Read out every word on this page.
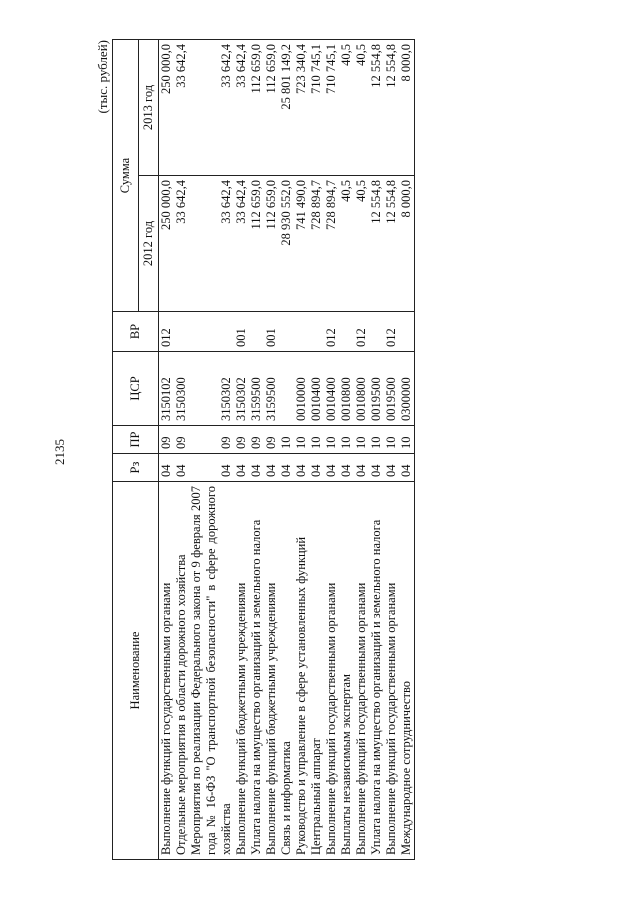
2135
(тыс. рублей)
Наименование	Рз	ПР	ЦСР	ВР	Сумма	
					2012 год	2013 год
Выполнение функций государственными органами	04	09	3150102	012	250 000,0	250 000,0
Отдельные мероприятия в области дорожного хозяйства	04	09	3150300		33 642,4	33 642,4
Мероприятия по реализации Федерального закона от 9 февраля 2007 года № 16-ФЗ "О транспортной безопасности" в сфере дорожного хозяйства	04	09	3150302		33 642,4	33 642,4
Выполнение функций бюджетными учреждениями	04	09	3150302	001	33 642,4	33 642,4
Уплата налога на имущество организаций и земельного налога	04	09	3159500		112 659,0	112 659,0
Выполнение функций бюджетными учреждениями	04	09	3159500	001	112 659,0	112 659,0
Связь и информатика	04	10			28 930 552,0	25 801 149,2
Руководство и управление в сфере установленных функций	04	10	0010000		741 490,0	723 340,4
Центральный аппарат	04	10	0010400		728 894,7	710 745,1
Выполнение функций государственными органами	04	10	0010400	012	728 894,7	710 745,1
Выплаты независимым экспертам	04	10	0010800		40,5	40,5
Выполнение функций государственными органами	04	10	0010800	012	40,5	40,5
Уплата налога на имущество организаций и земельного налога	04	10	0019500		12 554,8	12 554,8
Выполнение функций государственными органами	04	10	0019500	012	12 554,8	12 554,8
Международное сотрудничество	04	10	0300000		8 000,0	8 000,0
